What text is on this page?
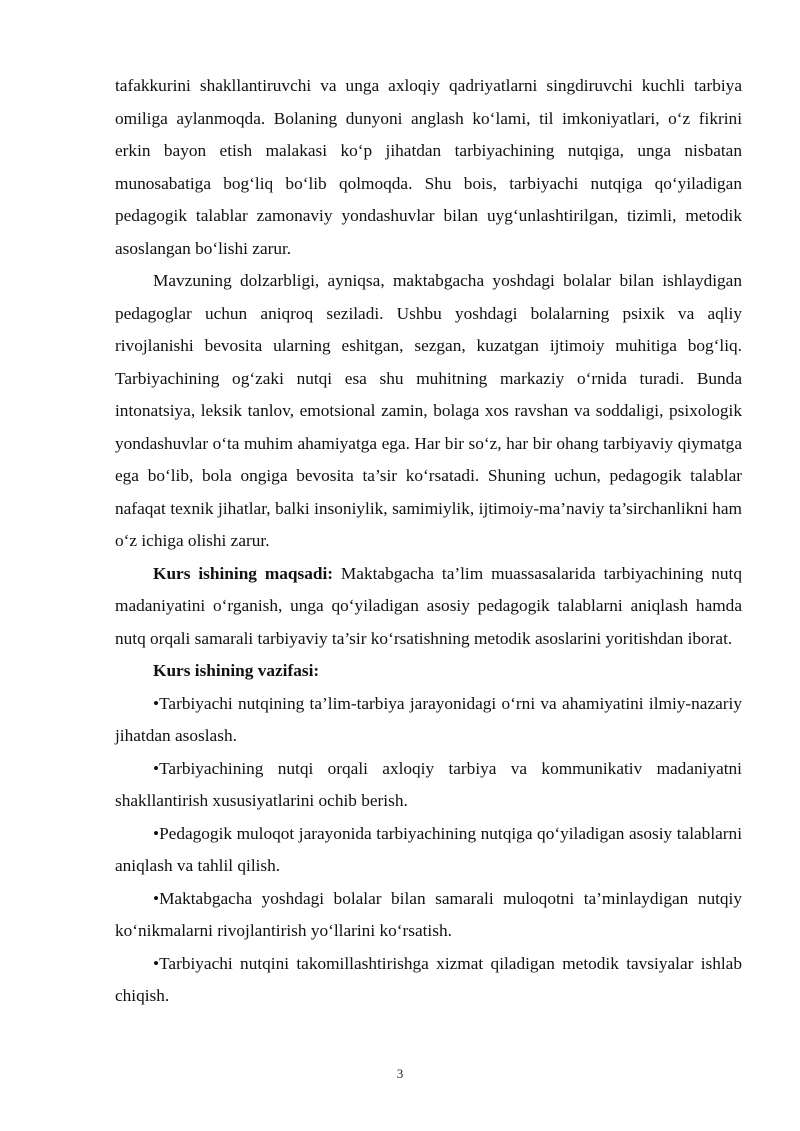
tafakkurini shakllantiruvchi va unga axloqiy qadriyatlarni singdiruvchi kuchli tarbiya omiliga aylanmoqda. Bolaning dunyoni anglash ko‘lami, til imkoniyatlari, o‘z fikrini erkin bayon etish malakasi ko‘p jihatdan tarbiyachining nutqiga, unga nisbatan munosabatiga bog‘liq bo‘lib qolmoqda. Shu bois, tarbiyachi nutqiga qo‘yiladigan pedagogik talablar zamonaviy yondashuvlar bilan uyg‘unlashtirilgan, tizimli, metodik asoslangan bo‘lishi zarur.

Mavzuning dolzarbligi, ayniqsa, maktabgacha yoshdagi bolalar bilan ishlaydigan pedagoglar uchun aniqroq seziladi. Ushbu yoshdagi bolalarning psixik va aqliy rivojlanishi bevosita ularning eshitgan, sezgan, kuzatgan ijtimoiy muhitiga bog‘liq. Tarbiyachining og‘zaki nutqi esa shu muhitning markaziy o‘rnida turadi. Bunda intonatsiya, leksik tanlov, emotsional zamin, bolaga xos ravshan va soddaligi, psixologik yondashuvlar o‘ta muhim ahamiyatga ega. Har bir so‘z, har bir ohang tarbiyaviy qiymatga ega bo‘lib, bola ongiga bevosita ta’sir ko‘rsatadi. Shuning uchun, pedagogik talablar nafaqat texnik jihatlar, balki insoniylik, samimiylik, ijtimoiy-ma’naviy ta’sirchanlikni ham o‘z ichiga olishi zarur.

Kurs ishining maqsadi: Maktabgacha ta’lim muassasalarida tarbiyachining nutq madaniyatini o‘rganish, unga qo‘yiladigan asosiy pedagogik talablarni aniqlash hamda nutq orqali samarali tarbiyaviy ta’sir ko‘rsatishning metodik asoslarini yoritishdan iborat.

Kurs ishining vazifasi:

•Tarbiyachi nutqining ta’lim-tarbiya jarayonidagi o‘rni va ahamiyatini ilmiy-nazariy jihatdan asoslash.

•Tarbiyachining nutqi orqali axloqiy tarbiya va kommunikativ madaniyatni shakllantirish xususiyatlarini ochib berish.

•Pedagogik muloqot jarayonida tarbiyachining nutqiga qo‘yiladigan asosiy talablarni aniqlash va tahlil qilish.

•Maktabgacha yoshdagi bolalar bilan samarali muloqotni ta’minlaydigan nutqiy ko‘nikmalarni rivojlantirish yo‘llarini ko‘rsatish.

•Tarbiyachi nutqini takomillashtirishga xizmat qiladigan metodik tavsiyalar ishlab chiqish.

3
